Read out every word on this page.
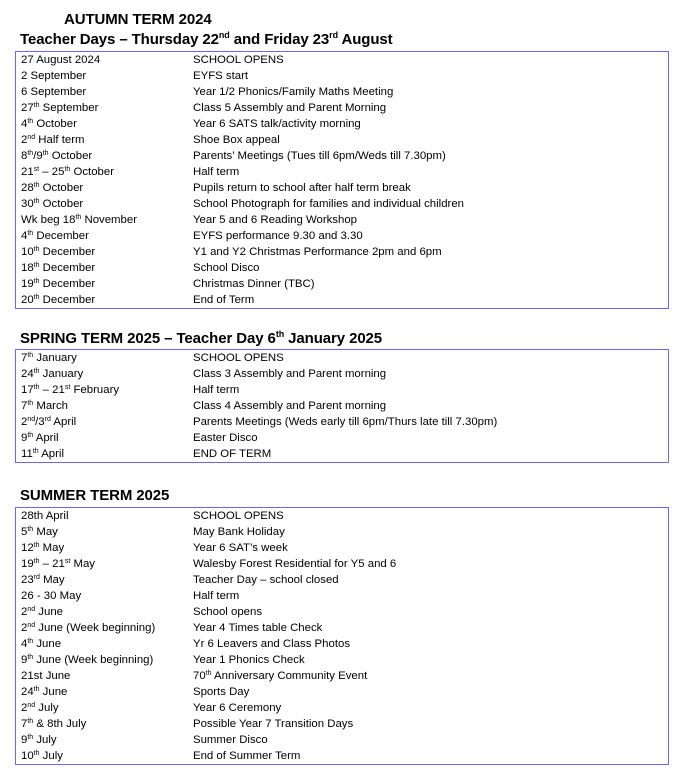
AUTUMN TERM 2024
Teacher Days – Thursday 22nd and Friday 23rd August
27 August 2024	SCHOOL OPENS
2 September	EYFS start
6 September	Year 1/2 Phonics/Family Maths Meeting
27th September	Class 5 Assembly and Parent Morning
4th October	Year 6 SATS talk/activity morning
2nd Half term	Shoe Box appeal
8th/9th October	Parents’ Meetings (Tues till 6pm/Weds till 7.30pm)
21st – 25th October	Half term
28th October	Pupils return to school after half term break
30th October	School Photograph for families and individual children
Wk beg 18th November	Year 5 and 6 Reading Workshop
4th December	EYFS performance 9.30 and 3.30
10th December	Y1 and Y2 Christmas Performance 2pm and 6pm
18th December	School Disco
19th December	Christmas Dinner (TBC)
20th December	End of Term
SPRING TERM 2025 – Teacher Day 6th January 2025
7th January	SCHOOL OPENS
24th January	Class 3 Assembly and Parent morning
17th – 21st February	Half term
7th March	Class 4 Assembly and Parent morning
2nd/3rd April	Parents Meetings (Weds early till 6pm/Thurs late till 7.30pm)
9th April	Easter Disco
11th April	END OF TERM
SUMMER TERM 2025
28th April	SCHOOL OPENS
5th May	May Bank Holiday
12th May	Year 6 SAT’s week
19th – 21st May	Walesby Forest Residential for Y5 and 6
23rd May	Teacher Day – school closed
26 - 30 May	Half term
2nd June	School opens
2nd June (Week beginning)	Year 4 Times table Check
4th June	Yr 6 Leavers and Class Photos
9th June (Week beginning)	Year 1 Phonics Check
21st June	70th Anniversary Community Event
24th June	Sports Day
2nd July	Year 6 Ceremony
7th & 8th July	Possible Year 7 Transition Days
9th July	Summer Disco
10th July	End of Summer Term
